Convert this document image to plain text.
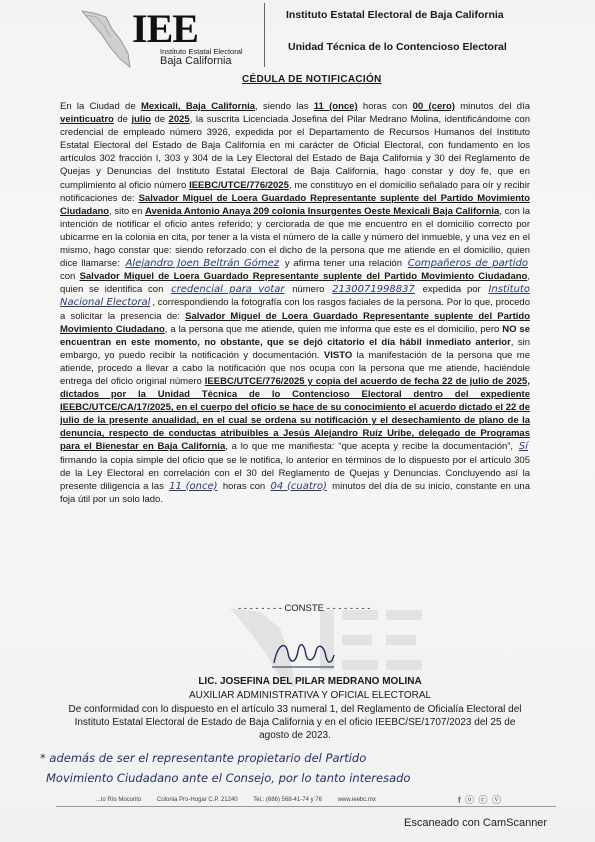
IEE
Instituto Estatal Electoral
Baja California
Instituto Estatal Electoral de Baja California
Unidad Técnica de lo Contencioso Electoral
CÉDULA DE NOTIFICACIÓN

En la Ciudad de Mexicali, Baja California, siendo las 11 (once) horas con 00 (cero) minutos del día veinticuatro de julio de 2025, la suscrita Licenciada Josefina del Pilar Medrano Molina, identificándome con credencial de empleado número 3926, expedida por el Departamento de Recursos Humanos del Instituto Estatal Electoral del Estado de Baja California en mi carácter de Oficial Electoral, con fundamento en los artículos 302 fracción I, 303 y 304 de la Ley Electoral del Estado de Baja California y 30 del Reglamento de Quejas y Denuncias del Instituto Estatal Electoral de Baja California, hago constar y doy fe, que en cumplimiento al oficio número IEEBC/UTCE/776/2025, me constituyo en el domicilio señalado para oír y recibir notificaciones de: Salvador Miguel de Loera Guardado Representante suplente del Partido Movimiento Ciudadano, sito en Avenida Antonio Anaya 209 colonia Insurgentes Oeste Mexicali Baja California, con la intención de notificar el oficio antes referido; y cerciorada de que me encuentro en el domicilio correcto por ubicarme en la colonia en cita, por tener a la vista el número de la calle y número del inmueble, y una vez en el mismo, hago constar que: siendo reforzado con el dicho de la persona que me atiende en el domicilio, quien dice llamarse: Alejandro Joen Beltrán Gómez y afirma tener una relación Compañeros de partido con Salvador Miguel de Loera Guardado Representante suplente del Partido Movimiento Ciudadano, quien se identifica con credencial para votar número 2130071998837 expedida por Instituto Nacional Electoral , correspondiendo la fotografía con los rasgos faciales de la persona. Por lo que, procedo a solicitar la presencia de: Salvador Miguel de Loera Guardado Representante suplente del Partido Movimiento Ciudadano, a la persona que me atiende, quien me informa que este es el domicilio, pero NO se encuentran en este momento, no obstante, que se dejó citatorio el día hábil inmediato anterior, sin embargo, yo puedo recibir la notificación y documentación. VISTO la manifestación de la persona que me atiende, procedo a llevar a cabo la notificación que nos ocupa con la persona que me atiende, haciéndole entrega del oficio original número IEEBC/UTCE/776/2025 y copia del acuerdo de fecha 22 de julio de 2025, dictados por la Unidad Técnica de lo Contencioso Electoral dentro del expediente IEEBC/UTCE/CA/17/2025, en el cuerpo del oficio se hace de su conocimiento el acuerdo dictado el 22 de julio de la presente anualidad, en el cual se ordena su notificación y el desechamiento de plano de la denuncia, respecto de conductas atribuibles a Jesús Alejandro Ruíz Uribe, delegado de Programas para el Bienestar en Baja California, a lo que me manifiesta: “que acepta y recibe la documentación”, Sí firmando la copia simple del oficio que se le notifica, lo anterior en términos de lo dispuesto por el artículo 305 de la Ley Electoral en correlación con el 30 del Reglamento de Quejas y Denuncias. Concluyendo así la presente diligencia a las 11 (once) horas con 04 (cuatro) minutos del día de su inicio, constante en una foja útil por un solo lado.

- - - - - - - - CONSTE - - - - - - - -
LIC. JOSEFINA DEL PILAR MEDRANO MOLINA
AUXILIAR ADMINISTRATIVA Y OFICIAL ELECTORAL
De conformidad con lo dispuesto en el artículo 33 numeral 1, del Reglamento de Oficialía Electoral del Instituto Estatal Electoral de Estado de Baja California y en el oficio IEEBC/SE/1707/2023 del 25 de agosto de 2023.
* además de ser el representante propietario del Partido
Movimiento Ciudadano ante el Consejo, por lo tanto interesado
...lo Río Mocorito	Colonia Pro-Hogar C.P. 21240	Tel.: (686) 568-41-74 y 76	www.ieebc.mx	f ⓞ ⓒ ⓥ
Escaneado con CamScanner
